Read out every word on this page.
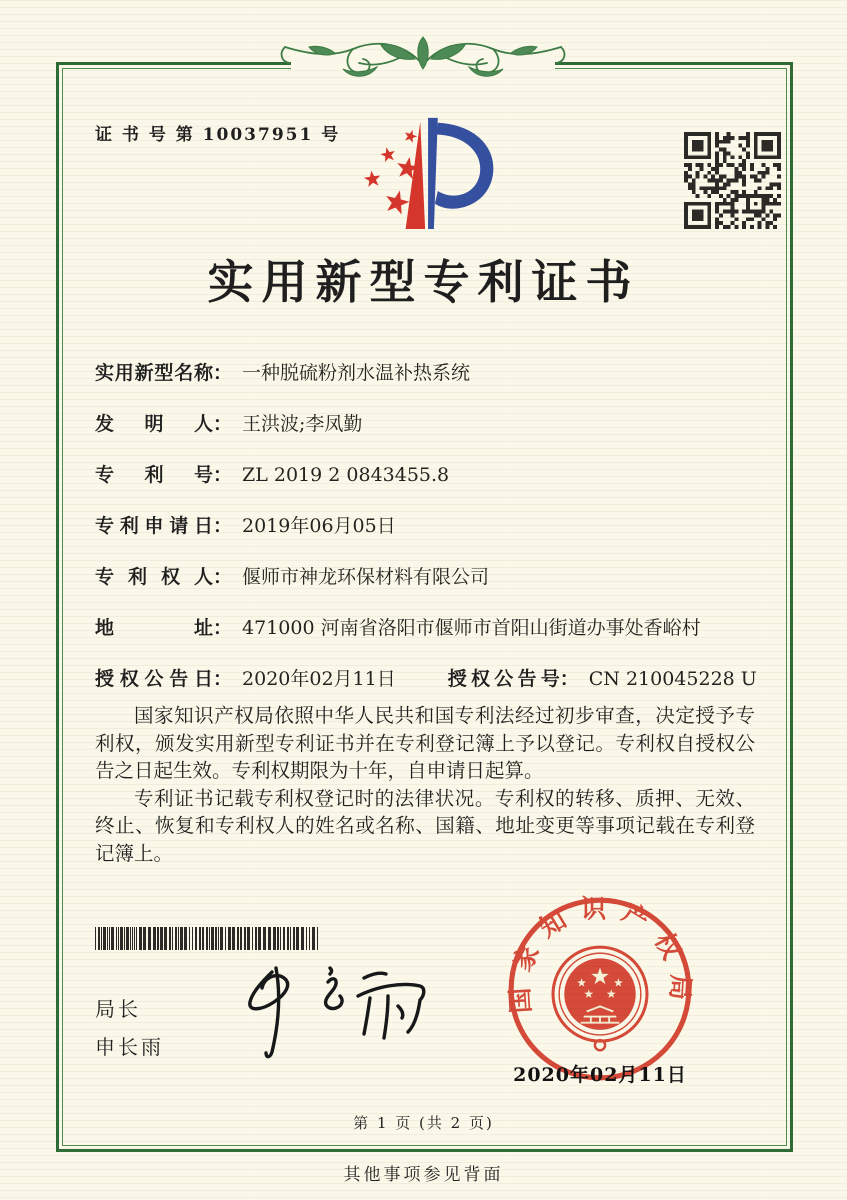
证 书 号 第 10037951 号
实用新型专利证书
实用新型名称： 一种脱硫粉剂水温补热系统
发明人： 王洪波;李凤勤
专利号： ZL 2019 2 0843455.8
专利申请日： 2019年06月05日
专利权人： 偃师市神龙环保材料有限公司
地址： 471000 河南省洛阳市偃师市首阳山街道办事处香峪村
授权公告日： 2020年02月11日	授权公告号： CN 210045228 U

国家知识产权局依照中华人民共和国专利法经过初步审查，决定授予专利权，颁发实用新型专利证书并在专利登记簿上予以登记。专利权自授权公告之日起生效。专利权期限为十年，自申请日起算。

专利证书记载专利权登记时的法律状况。专利权的转移、质押、无效、终止、恢复和专利权人的姓名或名称、国籍、地址变更等事项记载在专利登记簿上。

局长
申长雨
国家知识产权局
2020年02月11日
第 1 页 (共 2 页)
其他事项参见背面
